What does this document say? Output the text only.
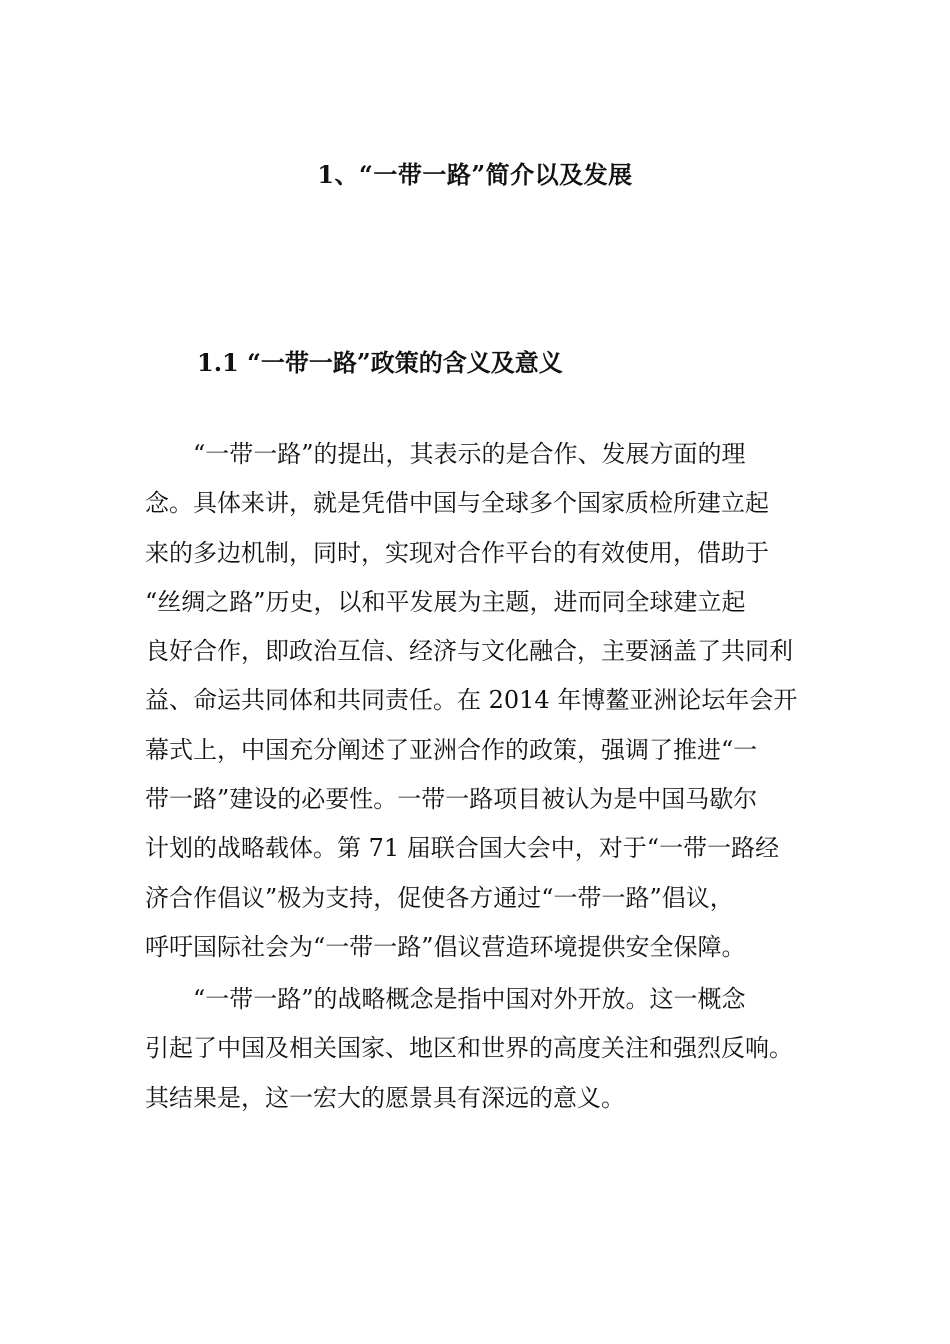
1、“一带一路”简介以及发展
1.1 “一带一路”政策的含义及意义
“一带一路”的提出，其表示的是合作、发展方面的理
念。具体来讲，就是凭借中国与全球多个国家质检所建立起
来的多边机制，同时，实现对合作平台的有效使用，借助于
“丝绸之路”历史，以和平发展为主题，进而同全球建立起
良好合作，即政治互信、经济与文化融合，主要涵盖了共同利
益、命运共同体和共同责任。在 2014 年博鳌亚洲论坛年会开
幕式上，中国充分阐述了亚洲合作的政策，强调了推进“一
带一路”建设的必要性。一带一路项目被认为是中国马歇尔
计划的战略载体。第 71 届联合国大会中，对于“一带一路经
济合作倡议”极为支持，促使各方通过“一带一路”倡议，
呼吁国际社会为“一带一路”倡议营造环境提供安全保障。
“一带一路”的战略概念是指中国对外开放。这一概念
引起了中国及相关国家、地区和世界的高度关注和强烈反响。
其结果是，这一宏大的愿景具有深远的意义。
